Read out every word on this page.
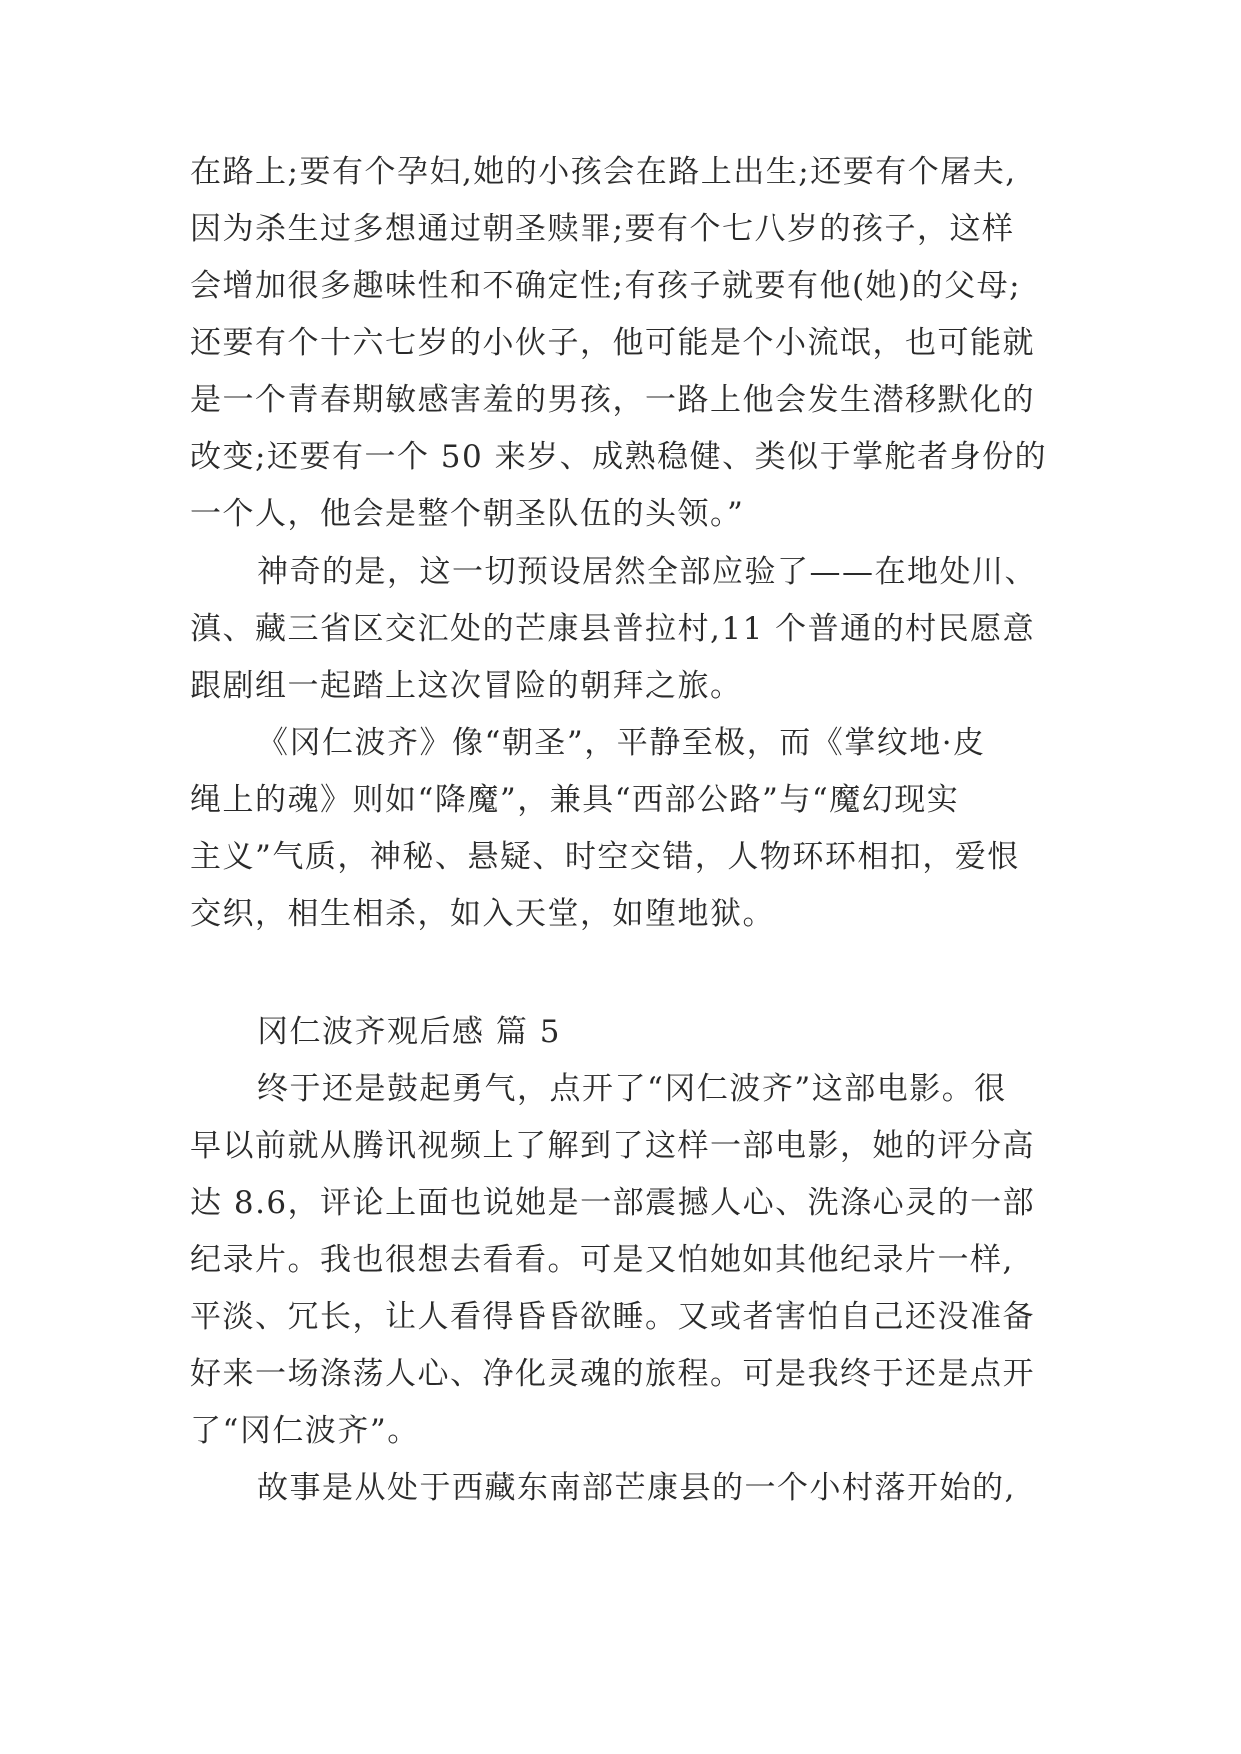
在路上;要有个孕妇,她的小孩会在路上出生;还要有个屠夫,
因为杀生过多想通过朝圣赎罪;要有个七八岁的孩子，这样
会增加很多趣味性和不确定性;有孩子就要有他(她)的父母;
还要有个十六七岁的小伙子，他可能是个小流氓，也可能就
是一个青春期敏感害羞的男孩，一路上他会发生潜移默化的
改变;还要有一个 50 来岁、成熟稳健、类似于掌舵者身份的
一个人，他会是整个朝圣队伍的头领。”
神奇的是，这一切预设居然全部应验了——在地处川、
滇、藏三省区交汇处的芒康县普拉村,11 个普通的村民愿意
跟剧组一起踏上这次冒险的朝拜之旅。
《冈仁波齐》像“朝圣”，平静至极，而《掌纹地·皮
绳上的魂》则如“降魔”，兼具“西部公路”与“魔幻现实
主义”气质，神秘、悬疑、时空交错，人物环环相扣，爱恨
交织，相生相杀，如入天堂，如堕地狱。
冈仁波齐观后感 篇 5
终于还是鼓起勇气，点开了“冈仁波齐”这部电影。很
早以前就从腾讯视频上了解到了这样一部电影，她的评分高
达 8.6，评论上面也说她是一部震撼人心、洗涤心灵的一部
纪录片。我也很想去看看。可是又怕她如其他纪录片一样,
平淡、冗长，让人看得昏昏欲睡。又或者害怕自己还没准备
好来一场涤荡人心、净化灵魂的旅程。可是我终于还是点开
了“冈仁波齐”。
故事是从处于西藏东南部芒康县的一个小村落开始的,
